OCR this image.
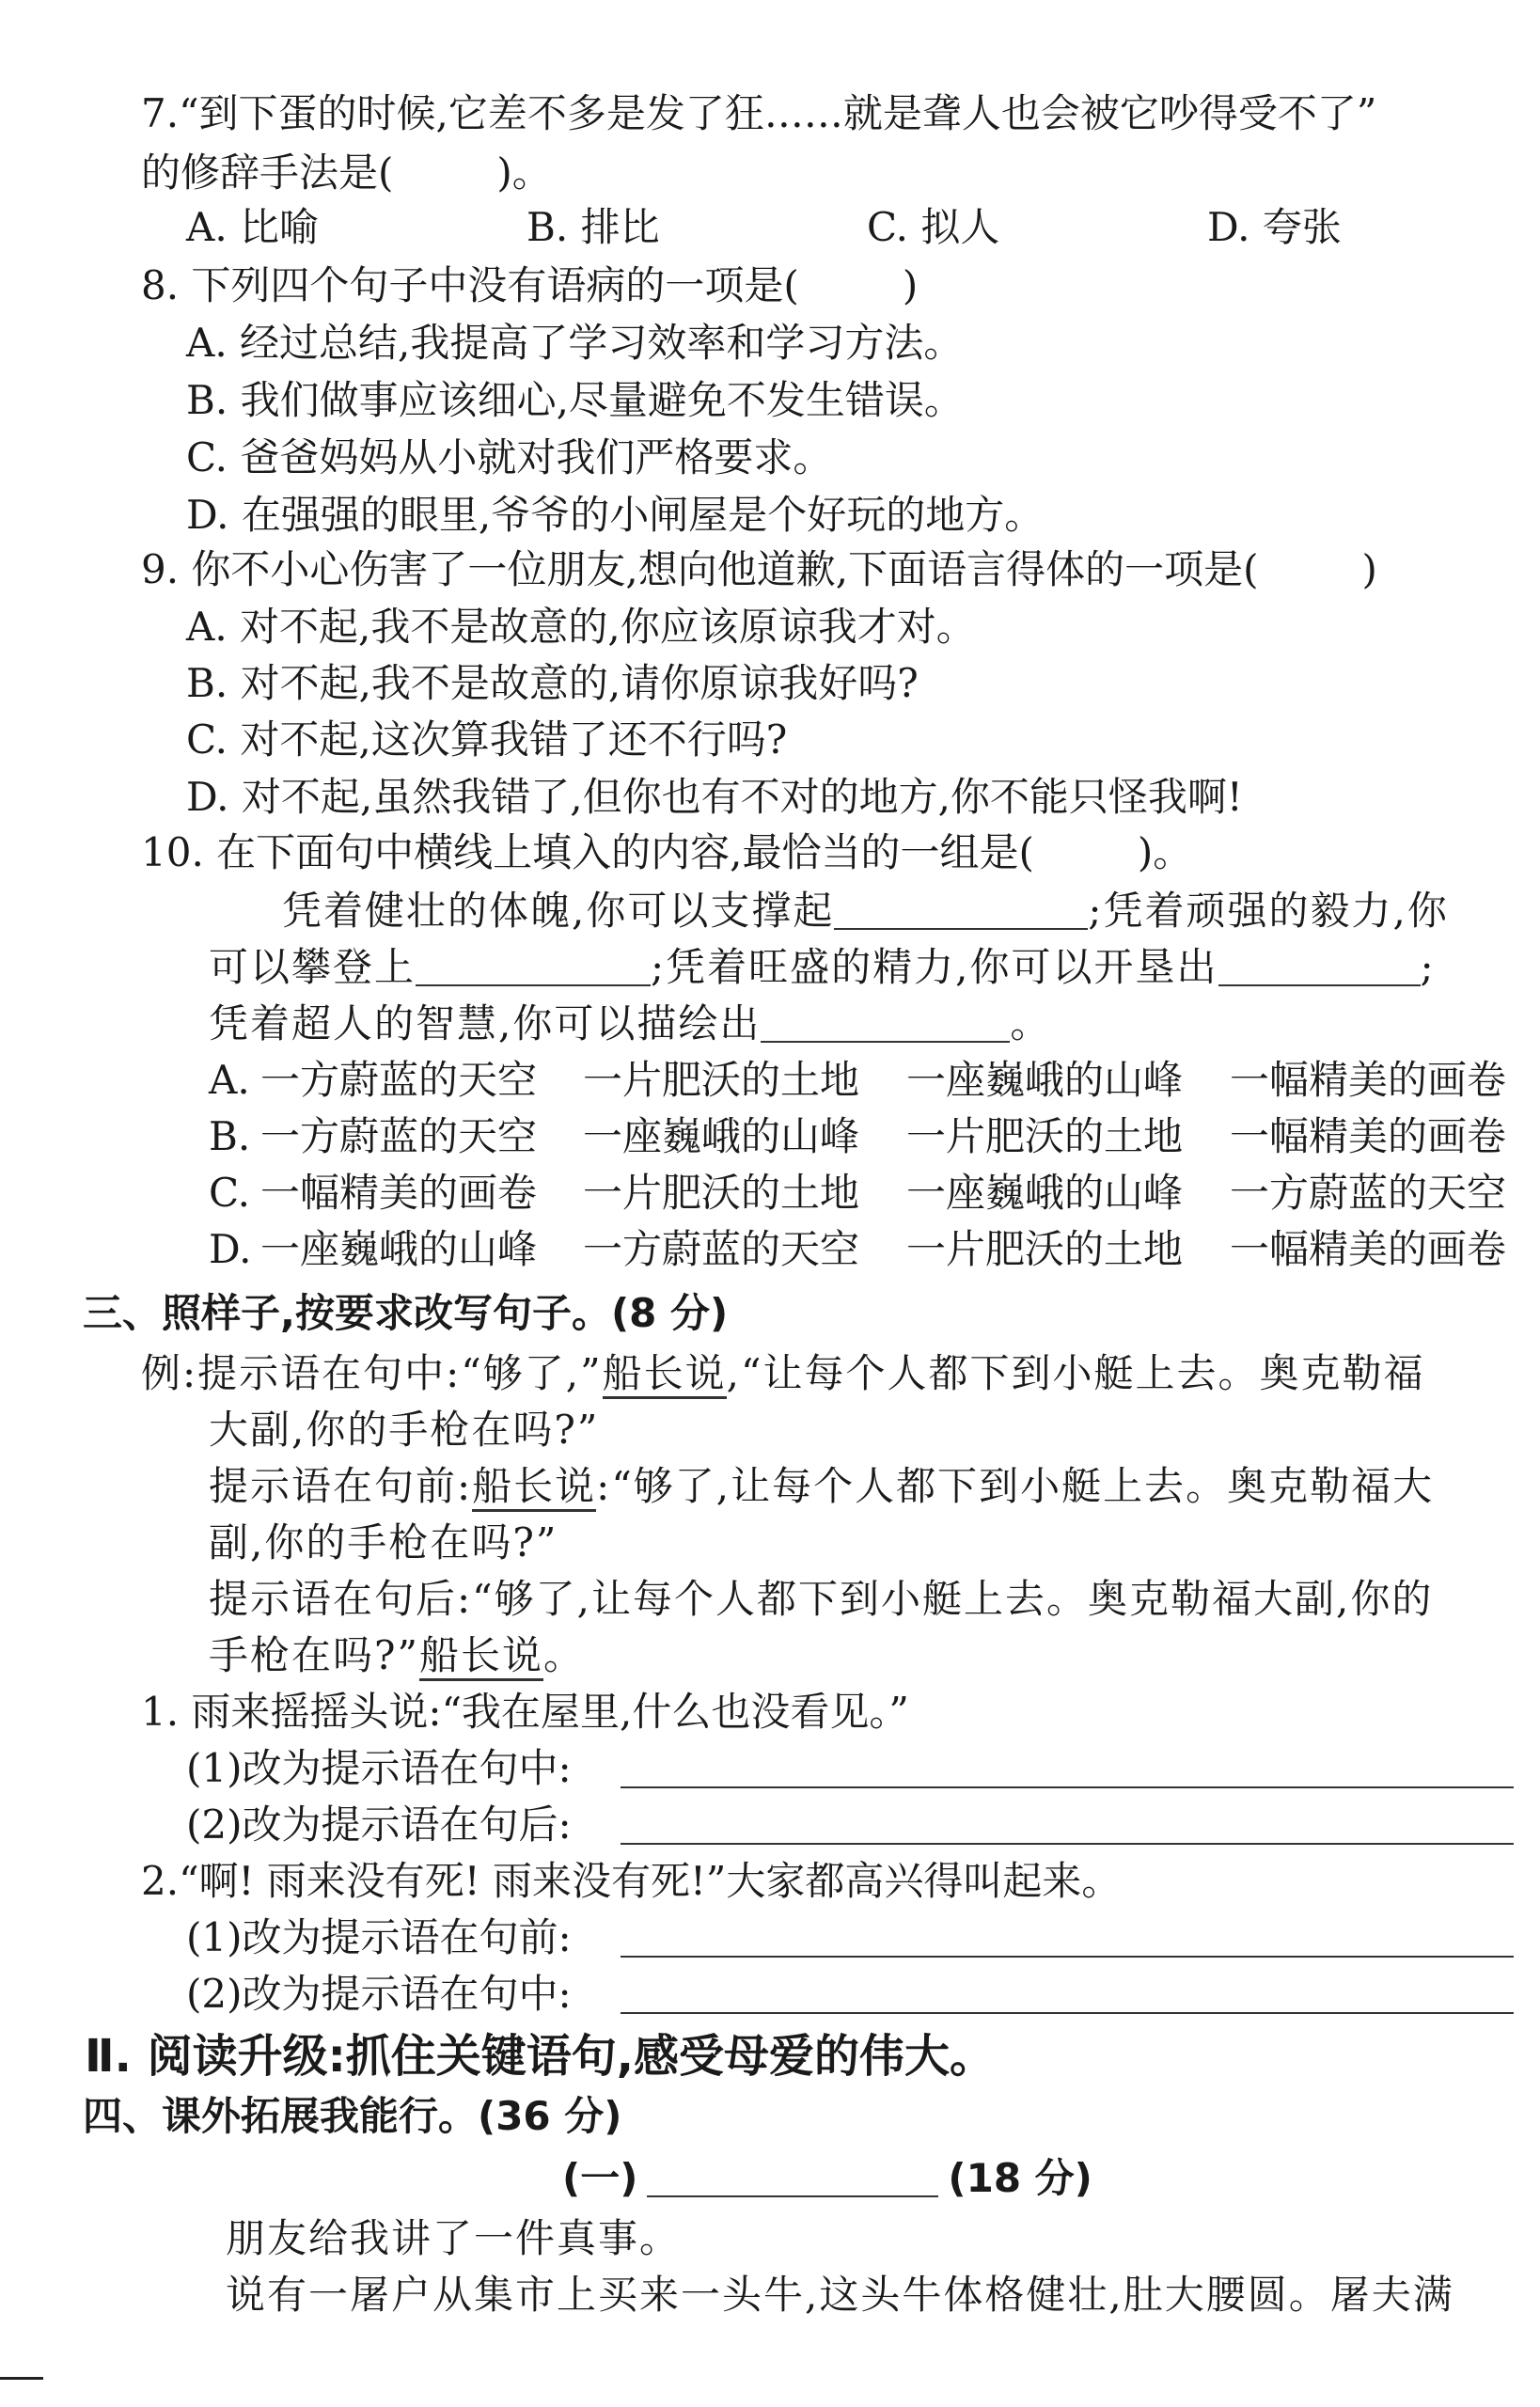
7.“到下蛋的时候,它差不多是发了狂……就是聋人也会被它吵得受不了”
的修辞手法是(	)。
A. 比喻	B. 排比	C. 拟人	D. 夸张
8. 下列四个句子中没有语病的一项是(	)
A. 经过总结,我提高了学习效率和学习方法。
B. 我们做事应该细心,尽量避免不发生错误。
C. 爸爸妈妈从小就对我们严格要求。
D. 在强强的眼里,爷爷的小闸屋是个好玩的地方。
9. 你不小心伤害了一位朋友,想向他道歉,下面语言得体的一项是(	)
A. 对不起,我不是故意的,你应该原谅我才对。
B. 对不起,我不是故意的,请你原谅我好吗?
C. 对不起,这次算我错了还不行吗?
D. 对不起,虽然我错了,但你也有不对的地方,你不能只怪我啊!
10. 在下面句中横线上填入的内容,最恰当的一组是(	)。
凭着健壮的体魄,你可以支撑起	;凭着顽强的毅力,你
可以攀登上	;凭着旺盛的精力,你可以开垦出	;
凭着超人的智慧,你可以描绘出	。
A. 一方蔚蓝的天空 一片肥沃的土地 一座巍峨的山峰 一幅精美的画卷
B. 一方蔚蓝的天空 一座巍峨的山峰 一片肥沃的土地 一幅精美的画卷
C. 一幅精美的画卷 一片肥沃的土地 一座巍峨的山峰 一方蔚蓝的天空
D. 一座巍峨的山峰 一方蔚蓝的天空 一片肥沃的土地 一幅精美的画卷
三、照样子,按要求改写句子。(8 分)
例:提示语在句中:“够了,”船长说,“让每个人都下到小艇上去。奥克勒福
大副,你的手枪在吗?”
提示语在句前:船长说:“够了,让每个人都下到小艇上去。奥克勒福大
副,你的手枪在吗?”
提示语在句后:“够了,让每个人都下到小艇上去。奥克勒福大副,你的
手枪在吗?”船长说。
1. 雨来摇摇头说:“我在屋里,什么也没看见。”
(1)改为提示语在句中:
(2)改为提示语在句后:
2.“啊! 雨来没有死! 雨来没有死!”大家都高兴得叫起来。
(1)改为提示语在句前:
(2)改为提示语在句中:
Ⅱ. 阅读升级:抓住关键语句,感受母爱的伟大。
四、课外拓展我能行。(36 分)
(一)	(18 分)
朋友给我讲了一件真事。
说有一屠户从集市上买来一头牛,这头牛体格健壮,肚大腰圆。屠夫满
